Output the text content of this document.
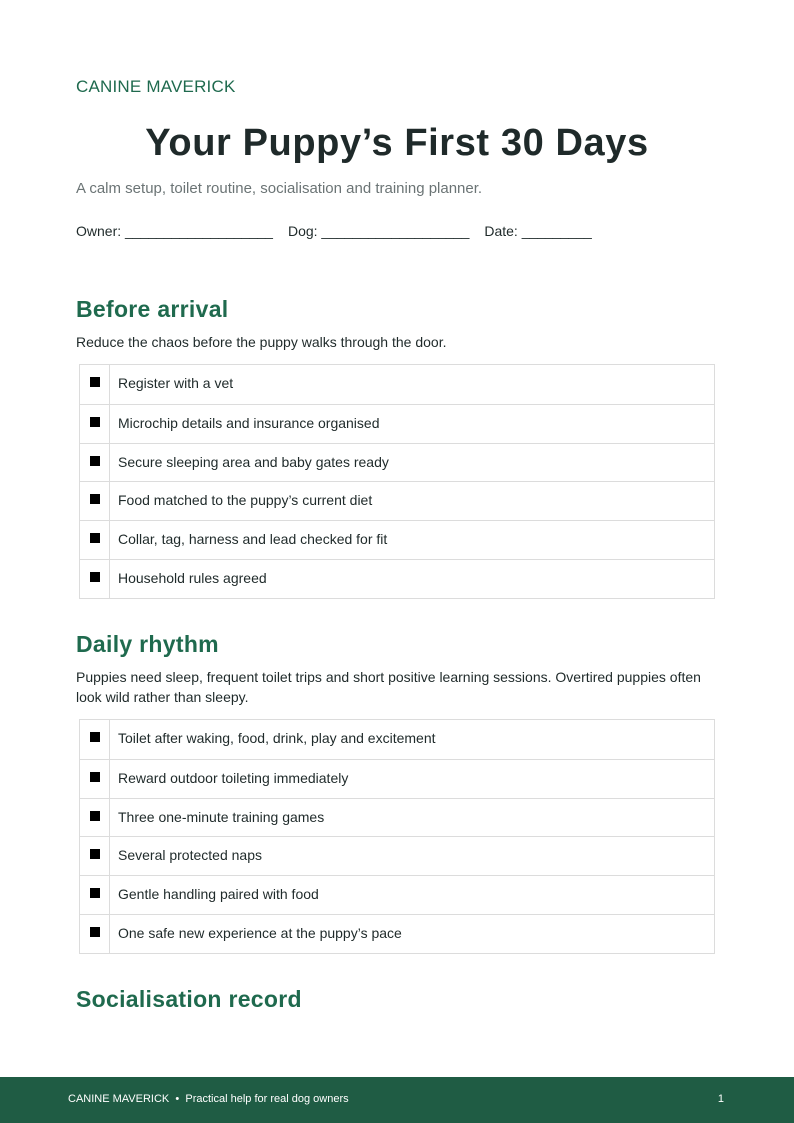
CANINE MAVERICK
Your Puppy’s First 30 Days

A calm setup, toilet routine, socialisation and training planner.

Owner: ___________________ Dog: ___________________ Date: _________
Before arrival

Reduce the chaos before the puppy walks through the door.

Register with a vet
Microchip details and insurance organised
Secure sleeping area and baby gates ready
Food matched to the puppy’s current diet
Collar, tag, harness and lead checked for fit
Household rules agreed
Daily rhythm

Puppies need sleep, frequent toilet trips and short positive learning sessions. Overtired puppies often look wild rather than sleepy.

Toilet after waking, food, drink, play and excitement
Reward outdoor toileting immediately
Three one-minute training games
Several protected naps
Gentle handling paired with food
One safe new experience at the puppy’s pace
Socialisation record
CANINE MAVERICK • Practical help for real dog owners	1
